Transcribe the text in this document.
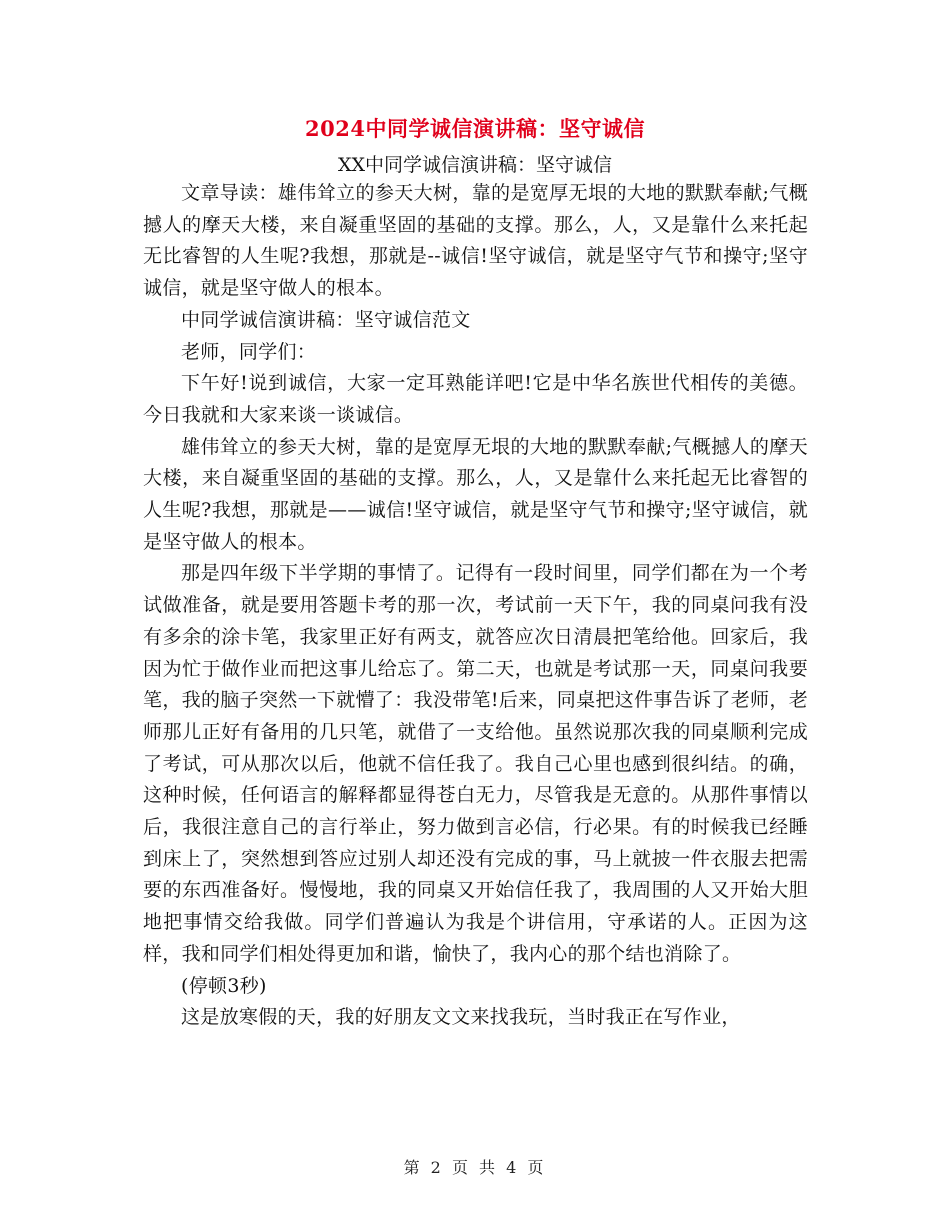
2024中同学诚信演讲稿：坚守诚信
XX中同学诚信演讲稿：坚守诚信

文章导读：雄伟耸立的参天大树，靠的是宽厚无垠的大地的默默奉献;气概撼人的摩天大楼，来自凝重坚固的基础的支撑。那么，人，又是靠什么来托起无比睿智的人生呢?我想，那就是--诚信!坚守诚信，就是坚守气节和操守;坚守诚信，就是坚守做人的根本。

中同学诚信演讲稿：坚守诚信范文

老师，同学们：

下午好!说到诚信，大家一定耳熟能详吧!它是中华名族世代相传的美德。今日我就和大家来谈一谈诚信。

雄伟耸立的参天大树，靠的是宽厚无垠的大地的默默奉献;气概撼人的摩天大楼，来自凝重坚固的基础的支撑。那么，人，又是靠什么来托起无比睿智的人生呢?我想，那就是——诚信!坚守诚信，就是坚守气节和操守;坚守诚信，就是坚守做人的根本。

那是四年级下半学期的事情了。记得有一段时间里，同学们都在为一个考试做准备，就是要用答题卡考的那一次，考试前一天下午，我的同桌问我有没有多余的涂卡笔，我家里正好有两支，就答应次日清晨把笔给他。回家后，我因为忙于做作业而把这事儿给忘了。第二天，也就是考试那一天，同桌问我要笔，我的脑子突然一下就懵了：我没带笔!后来，同桌把这件事告诉了老师，老师那儿正好有备用的几只笔，就借了一支给他。虽然说那次我的同桌顺利完成了考试，可从那次以后，他就不信任我了。我自己心里也感到很纠结。的确，这种时候，任何语言的解释都显得苍白无力，尽管我是无意的。从那件事情以后，我很注意自己的言行举止，努力做到言必信，行必果。有的时候我已经睡到床上了，突然想到答应过别人却还没有完成的事，马上就披一件衣服去把需要的东西准备好。慢慢地，我的同桌又开始信任我了，我周围的人又开始大胆地把事情交给我做。同学们普遍认为我是个讲信用，守承诺的人。正因为这样，我和同学们相处得更加和谐，愉快了，我内心的那个结也消除了。

(停顿3秒)

这是放寒假的天，我的好朋友文文来找我玩，当时我正在写作业，

第 2 页 共 4 页
